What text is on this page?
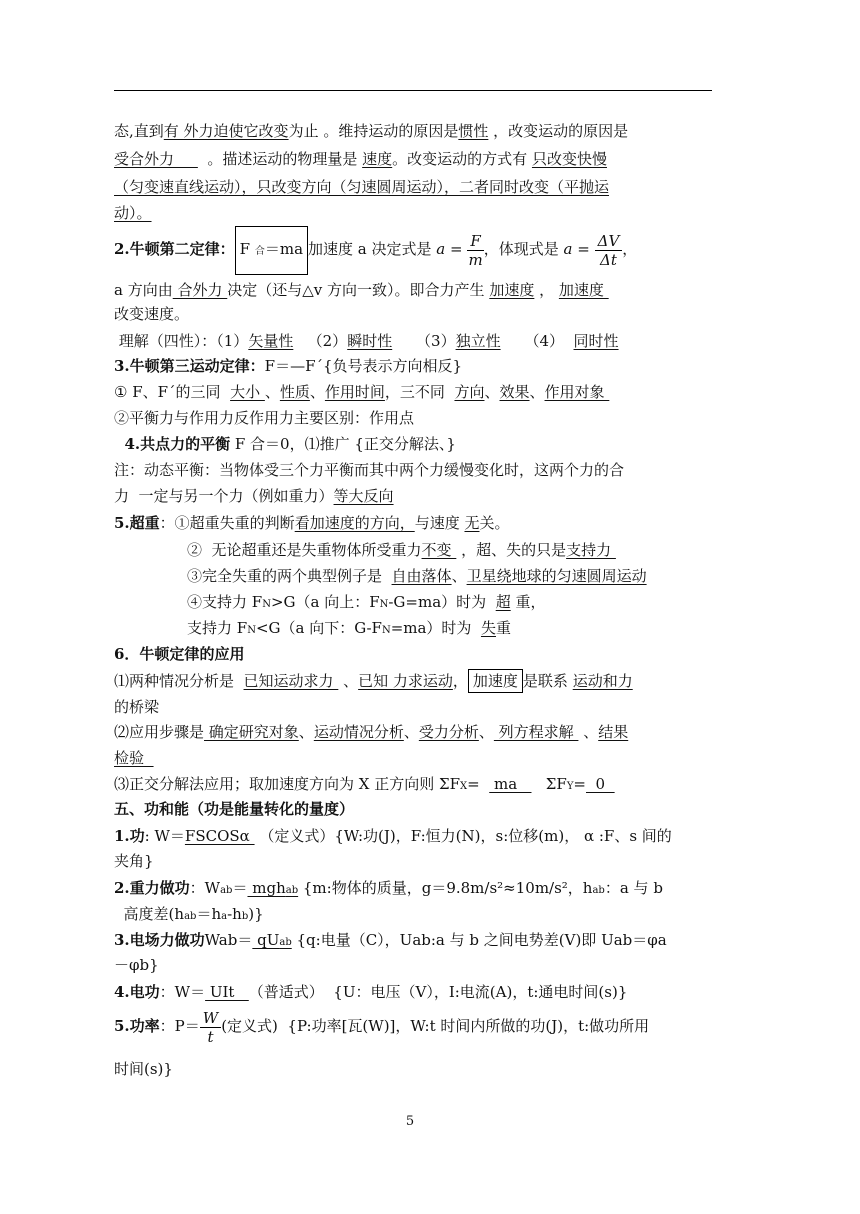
态,直到有 外力迫使它改变为止 。维持运动的原因是惯性 ，改变运动的原因是
受合外力       。描述运动的物理量是 速度。改变运动的方式有 只改变快慢
（匀变速直线运动），只改变方向（匀速圆周运动），二者同时改变（平抛运
动）。
2.牛顿第二定律： F 合＝ma 加速度 a 决定式是 $a = \frac{F}{m}$ ，体现式是 $a = \frac{\Delta V}{\Delta t}$ ，
a 方向由 合外力 决定（还与△v 方向一致）。即合力产生 加速度 ， 加速度
改变速度。
理解（四性）：（1）矢量性   （2）瞬时性     （3）独立性     （4）  同时性
3.牛顿第三运动定律：F＝—F´{负号表示方向相反}
① F、F´的三同  大小 、性质、作用时间，三不同  方向、效果、作用对象
②平衡力与作用力反作用力主要区别：作用点
4.共点力的平衡 F 合＝0，⑴推广 {正交分解法、}
注：动态平衡：当物体受三个力平衡而其中两个力缓慢变化时，这两个力的合
力  一定与另一个力（例如重力）等大反向
5.超重：①超重失重的判断看加速度的方向，与速度 无关。
②  无论超重还是失重物体所受重力不变  ，超、失的只是支持力
③完全失重的两个典型例子是  自由落体、卫星绕地球的匀速圆周运动
④支持力 FN>G（a 向上：FN-G=ma）时为  超 重，
支持力 FN<G（a 向下：G-FN=ma）时为  失重
6．牛顿定律的应用
⑴两种情况分析是  已知运动求力  、已知 力求运动， 加速度 是联系 运动和力
的桥梁
⑵应用步骤是 确定研究对象、运动情况分析、受力分析、 列方程求解  、结果
检验
⑶正交分解法应用；取加速度方向为 X 正方向则 ΣFX=   ma      ΣFY=  0
五、功和能（功是能量转化的量度）
1.功: W＝FSCOSα  （定义式）{W:功(J)，F:恒力(N)，s:位移(m)， α :F、s 间的
夹角}
2.重力做功：Wab＝ mghab {m:物体的质量，g＝9.8m/s²≈10m/s²，hab：a 与 b
高度差(hab＝ha-hb)}
3.电场力做功Wab＝ qUab {q:电量（C），Uab:a 与 b 之间电势差(V)即 Uab＝φa
－φb}
4.电功：W＝ UIt   （普适式）  {U：电压（V），I:电流(A)，t:通电时间(s)}
5.功率：$P= \frac{W}{t}$ (定义式)  {P:功率[瓦(W)]，W:t 时间内所做的功(J)，t:做功所用
时间(s)}
5
